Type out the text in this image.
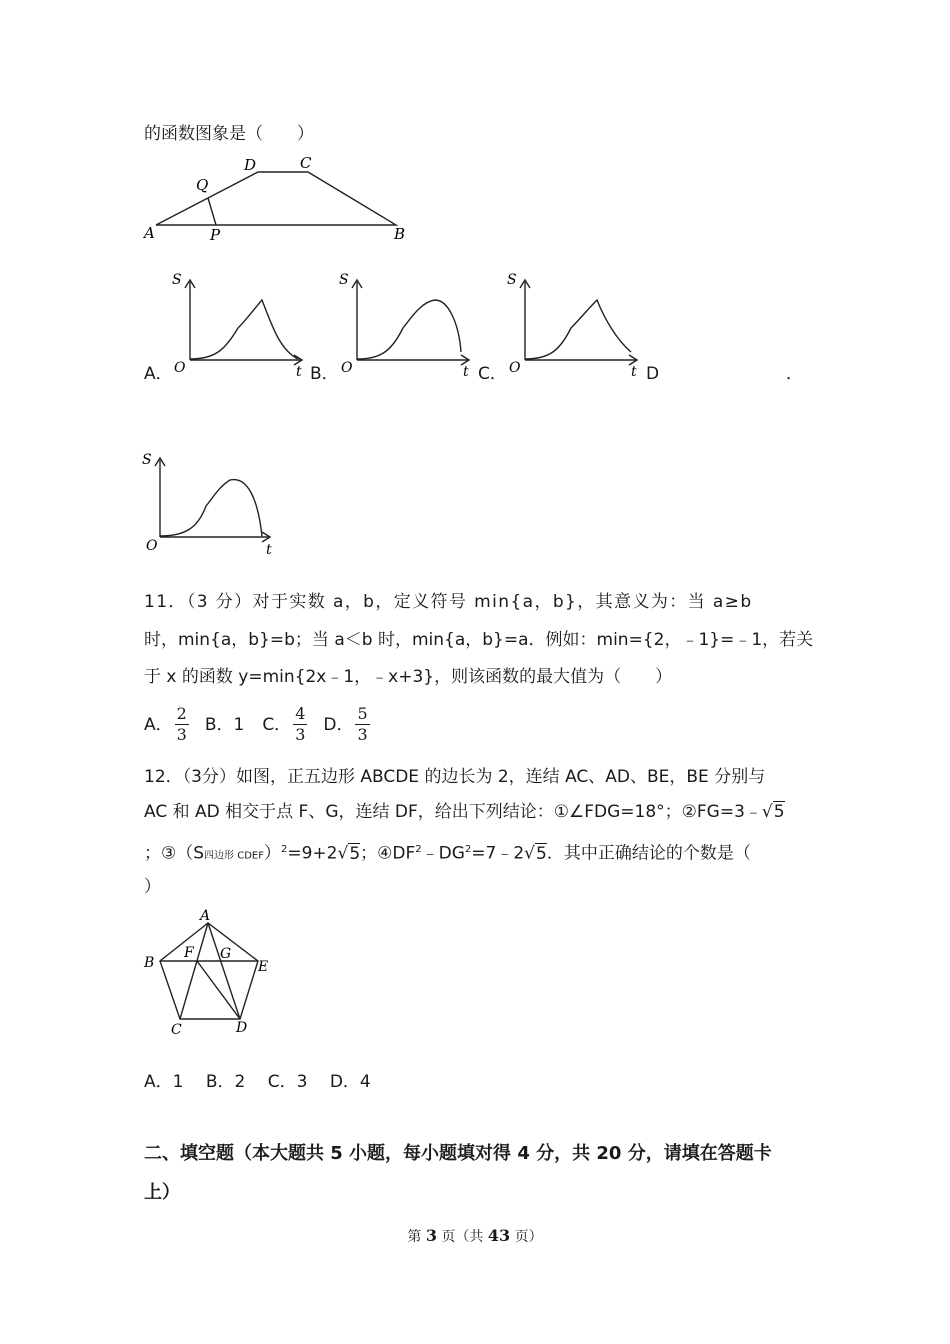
的函数图象是（　　）
A
D	C
Q
P	B
A．
S
O	t B．
S
O	t C．
S
O	t D	．
S
O	t
11．（3 分）对于实数 a，b，定义符号 min{a，b}，其意义为：当 a≥b
时，min{a，b}=b；当 a＜b 时，min{a，b}=a．例如：min={2，﹣1}=﹣1，若关
于 x 的函数 y=min{2x﹣1，﹣x+3}，则该函数的最大值为（　　）
A． $\frac{2}{3}$ B．1 C． $\frac{4}{3}$ D． $\frac{5}{3}$
12．（3分）如图，正五边形 ABCDE 的边长为 2，连结 AC、AD、BE，BE 分别与
AC 和 AD 相交于点 F、G，连结 DF，给出下列结论：①∠FDG=18°；②FG=3﹣√5
；③（S四边形 CDEF）$^2$=9+2√5；$④DF^2﹣DG^2=7﹣2√5$．其中正确结论的个数是（
）
A
B
F G
E
C	D
A．1　 B．2　 C．3　 D．4
二、填空题（本大题共 5 小题，每小题填对得 4 分，共 20 分，请填在答题卡
上）
第 3 页（共 43 页）
